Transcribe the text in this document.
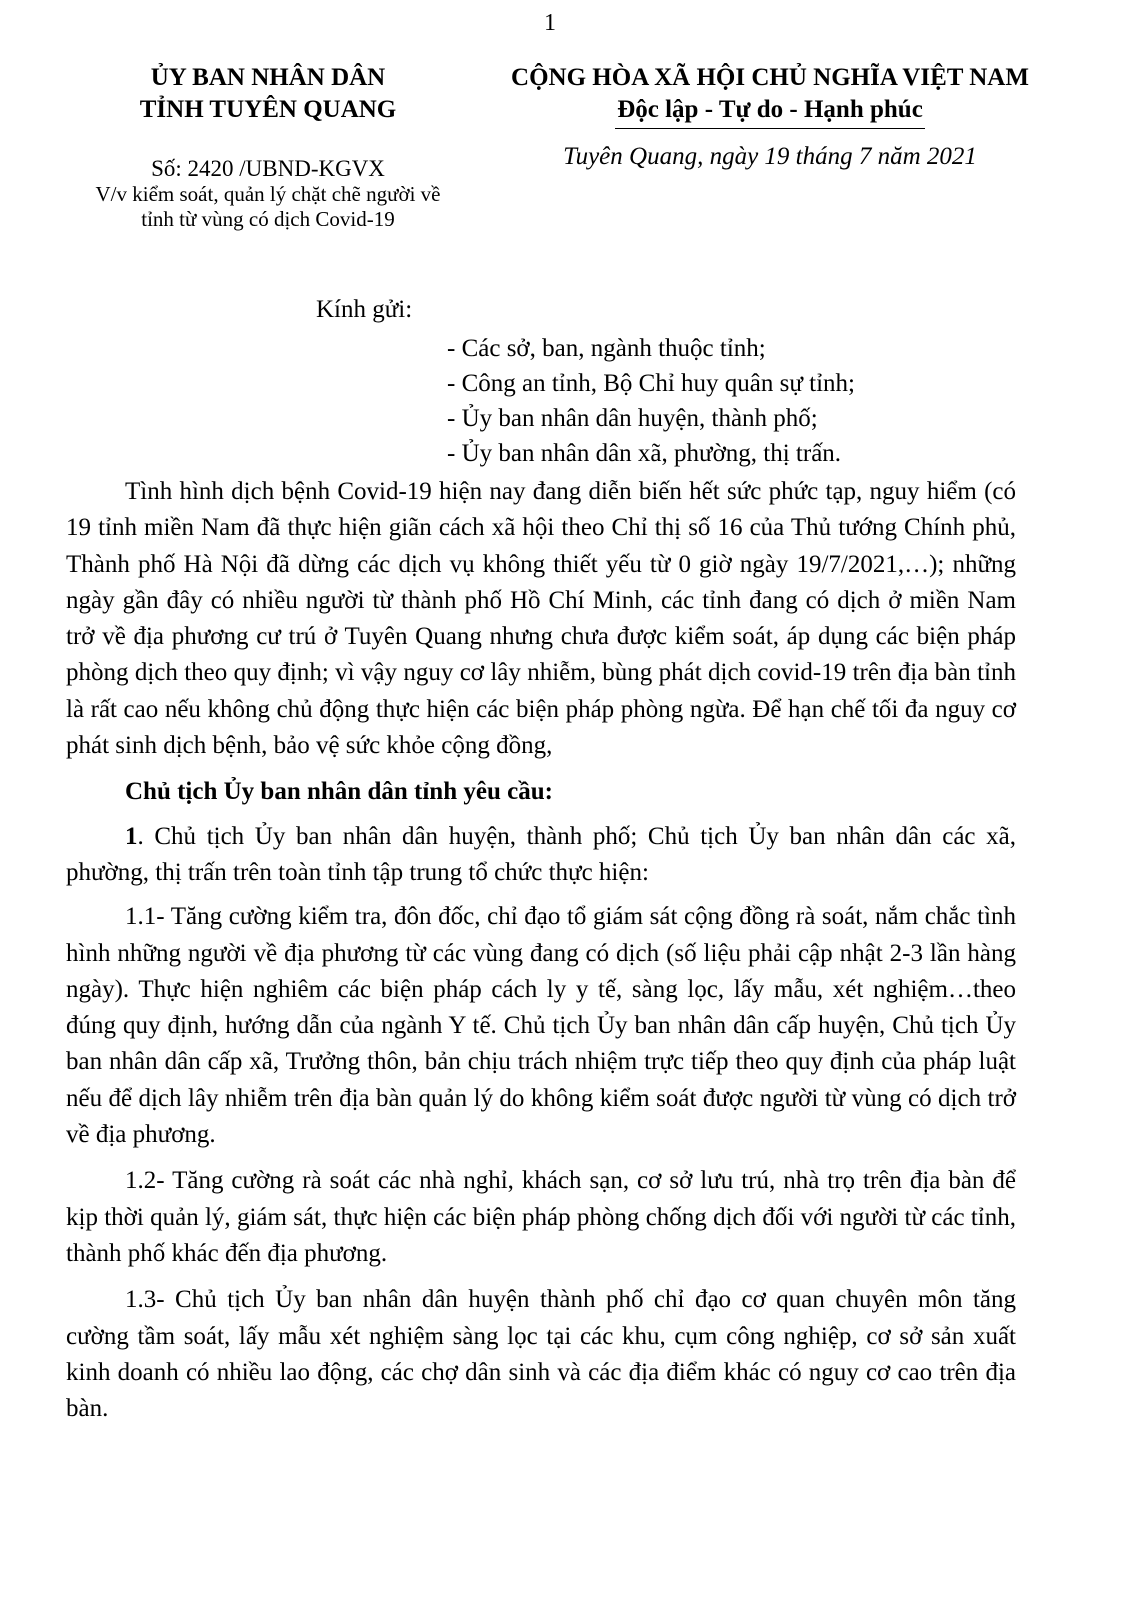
1
ỦY BAN NHÂN DÂN
TỈNH TUYÊN QUANG
Số: 2420 /UBND-KGVX
V/v kiểm soát, quản lý chặt chẽ người về
tỉnh từ vùng có dịch Covid-19
CỘNG HÒA XÃ HỘI CHỦ NGHĨA VIỆT NAM
Độc lập - Tự do - Hạnh phúc
Tuyên Quang, ngày 19 tháng 7 năm 2021
Kính gửi:
- Các sở, ban, ngành thuộc tỉnh;
- Công an tỉnh, Bộ Chỉ huy quân sự tỉnh;
- Ủy ban nhân dân huyện, thành phố;
- Ủy ban nhân dân xã, phường, thị trấn.

Tình hình dịch bệnh Covid-19 hiện nay đang diễn biến hết sức phức tạp, nguy hiểm (có 19 tỉnh miền Nam đã thực hiện giãn cách xã hội theo Chỉ thị số 16 của Thủ tướng Chính phủ, Thành phố Hà Nội đã dừng các dịch vụ không thiết yếu từ 0 giờ ngày 19/7/2021,…); những ngày gần đây có nhiều người từ thành phố Hồ Chí Minh, các tỉnh đang có dịch ở miền Nam trở về địa phương cư trú ở Tuyên Quang nhưng chưa được kiểm soát, áp dụng các biện pháp phòng dịch theo quy định; vì vậy nguy cơ lây nhiễm, bùng phát dịch covid-19 trên địa bàn tỉnh là rất cao nếu không chủ động thực hiện các biện pháp phòng ngừa. Để hạn chế tối đa nguy cơ phát sinh dịch bệnh, bảo vệ sức khỏe cộng đồng,

Chủ tịch Ủy ban nhân dân tỉnh yêu cầu:

1. Chủ tịch Ủy ban nhân dân huyện, thành phố; Chủ tịch Ủy ban nhân dân các xã, phường, thị trấn trên toàn tỉnh tập trung tổ chức thực hiện:

1.1- Tăng cường kiểm tra, đôn đốc, chỉ đạo tổ giám sát cộng đồng rà soát, nắm chắc tình hình những người về địa phương từ các vùng đang có dịch (số liệu phải cập nhật 2-3 lần hàng ngày). Thực hiện nghiêm các biện pháp cách ly y tế, sàng lọc, lấy mẫu, xét nghiệm…theo đúng quy định, hướng dẫn của ngành Y tế. Chủ tịch Ủy ban nhân dân cấp huyện, Chủ tịch Ủy ban nhân dân cấp xã, Trưởng thôn, bản chịu trách nhiệm trực tiếp theo quy định của pháp luật nếu để dịch lây nhiễm trên địa bàn quản lý do không kiểm soát được người từ vùng có dịch trở về địa phương.

1.2- Tăng cường rà soát các nhà nghỉ, khách sạn, cơ sở lưu trú, nhà trọ trên địa bàn để kịp thời quản lý, giám sát, thực hiện các biện pháp phòng chống dịch đối với người từ các tỉnh, thành phố khác đến địa phương.

1.3- Chủ tịch Ủy ban nhân dân huyện thành phố chỉ đạo cơ quan chuyên môn tăng cường tầm soát, lấy mẫu xét nghiệm sàng lọc tại các khu, cụm công nghiệp, cơ sở sản xuất kinh doanh có nhiều lao động, các chợ dân sinh và các địa điểm khác có nguy cơ cao trên địa bàn.
